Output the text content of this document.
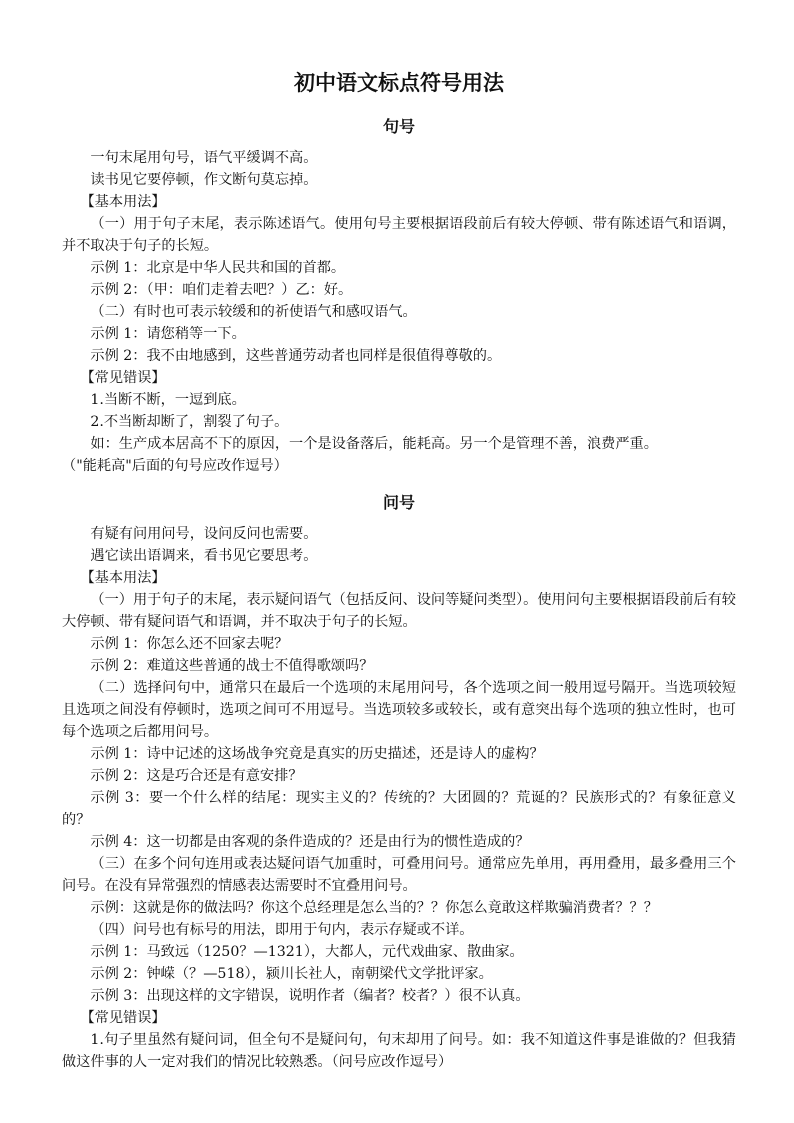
初中语文标点符号用法
句号

一句末尾用句号，语气平缓调不高。

读书见它要停顿，作文断句莫忘掉。

【基本用法】

（一）用于句子末尾，表示陈述语气。使用句号主要根据语段前后有较大停顿、带有陈述语气和语调，并不取决于句子的长短。

示例 1：北京是中华人民共和国的首都。

示例 2：（甲：咱们走着去吧？）乙：好。

（二）有时也可表示较缓和的祈使语气和感叹语气。

示例 1：请您稍等一下。

示例 2：我不由地感到，这些普通劳动者也同样是很值得尊敬的。

【常见错误】

1.当断不断，一逗到底。

2.不当断却断了，割裂了句子。

如：生产成本居高不下的原因，一个是设备落后，能耗高。另一个是管理不善，浪费严重。

（"能耗高"后面的句号应改作逗号）

问号

有疑有问用问号，设问反问也需要。

遇它读出语调来，看书见它要思考。

【基本用法】

（一）用于句子的末尾，表示疑问语气（包括反问、设问等疑问类型）。使用问句主要根据语段前后有较大停顿、带有疑问语气和语调，并不取决于句子的长短。

示例 1：你怎么还不回家去呢？

示例 2：难道这些普通的战士不值得歌颂吗？

（二）选择问句中，通常只在最后一个选项的末尾用问号，各个选项之间一般用逗号隔开。当选项较短且选项之间没有停顿时，选项之间可不用逗号。当选项较多或较长，或有意突出每个选项的独立性时，也可每个选项之后都用问号。

示例 1：诗中记述的这场战争究竟是真实的历史描述，还是诗人的虚构？

示例 2：这是巧合还是有意安排？

示例 3：要一个什么样的结尾：现实主义的？传统的？大团圆的？荒诞的？民族形式的？有象征意义的？

示例 4：这一切都是由客观的条件造成的？还是由行为的惯性造成的？

（三）在多个问句连用或表达疑问语气加重时，可叠用问号。通常应先单用，再用叠用，最多叠用三个问号。在没有异常强烈的情感表达需要时不宜叠用问号。

示例：这就是你的做法吗？你这个总经理是怎么当的？？你怎么竟敢这样欺骗消费者？？？

（四）问号也有标号的用法，即用于句内，表示存疑或不详。

示例 1：马致远（1250？—1321），大都人，元代戏曲家、散曲家。

示例 2：钟嵘（？—518），颍川长社人，南朝梁代文学批评家。

示例 3：出现这样的文字错误，说明作者（编者？校者？）很不认真。

【常见错误】

1.句子里虽然有疑问词，但全句不是疑问句，句末却用了问号。如：我不知道这件事是谁做的？但我猜做这件事的人一定对我们的情况比较熟悉。（问号应改作逗号）
